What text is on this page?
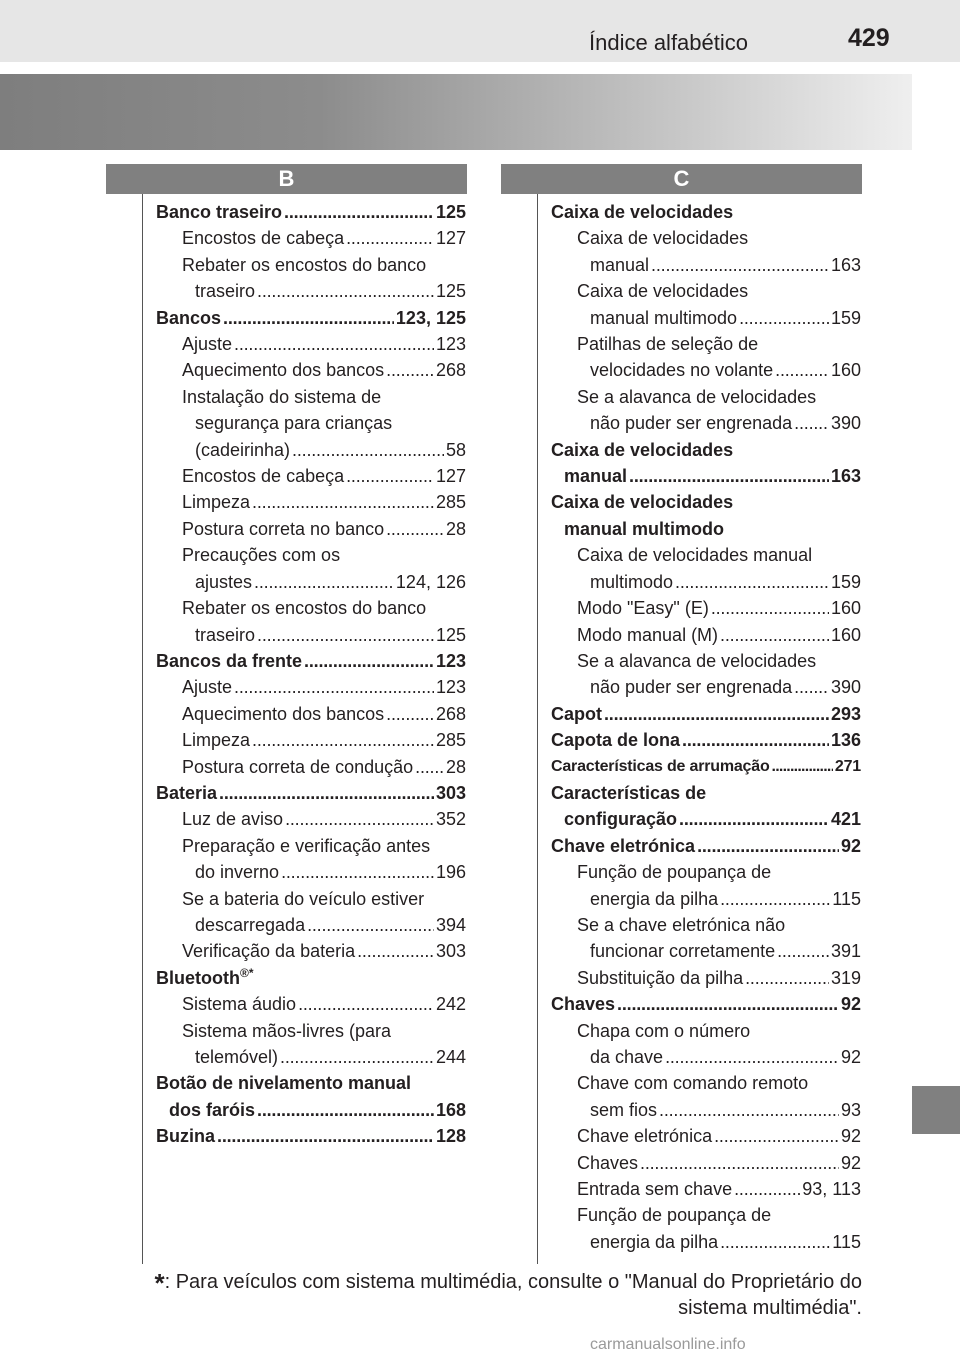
Índice alfabético	429
B	C
Banco traseiro . . .	125
Encostos de cabeça . . .	127
Rebater os encostos do banco
traseiro . . .	125
Bancos . . .	123, 125
Ajuste . . .	123
Aquecimento dos bancos . . .	268
Instalação do sistema de
segurança para crianças
(cadeirinha) . . .	58
Encostos de cabeça . . .	127
Limpeza . . .	285
Postura correta no banco . . .	28
Precauções com os
ajustes . . .	124, 126
Rebater os encostos do banco
traseiro . . .	125
Bancos da frente . . .	123
Ajuste . . .	123
Aquecimento dos bancos . . .	268
Limpeza . . .	285
Postura correta de condução . . . 28
Bateria . . .	303
Luz de aviso . . .	352
Preparação e verificação antes
do inverno . . .	196
Se a bateria do veículo estiver
descarregada . . .	394
Verificação da bateria . . .	303
Bluetooth®*
Sistema áudio . . .	242
Sistema mãos-livres (para
telemóvel) . . .	244
Botão de nivelamento manual
dos faróis . . .	168
Buzina . . .	128
Caixa de velocidades
Caixa de velocidades
manual . . .	163
Caixa de velocidades
manual multimodo . . .	159
Patilhas de seleção de
velocidades no volante . . .	160
Se a alavanca de velocidades
não puder ser engrenada . . . 390
Caixa de velocidades
manual . . .	163
Caixa de velocidades
manual multimodo
Caixa de velocidades manual
multimodo . . .	159
Modo "Easy" (E) . . .	160
Modo manual (M) . . .	160
Se a alavanca de velocidades
não puder ser engrenada . . . 390
Capot . . .	293
Capota de lona . . .	136
Características de arrumação . . .	271
Características de
configuração . . .	421
Chave eletrónica . . .	92
Função de poupança de
energia da pilha . . .	115
Se a chave eletrónica não
funcionar corretamente . . .	391
Substituição da pilha . . .	319
Chaves . . .	92
Chapa com o número
da chave . . .	92
Chave com comando remoto
sem fios . . .	93
Chave eletrónica . . .	92
Chaves . . .	92
Entrada sem chave . . .	93, 113
Função de poupança de
energia da pilha . . .	115
*: Para veículos com sistema multimédia, consulte o "Manual do Proprietário do sistema multimédia".
carmanualsonline.info
